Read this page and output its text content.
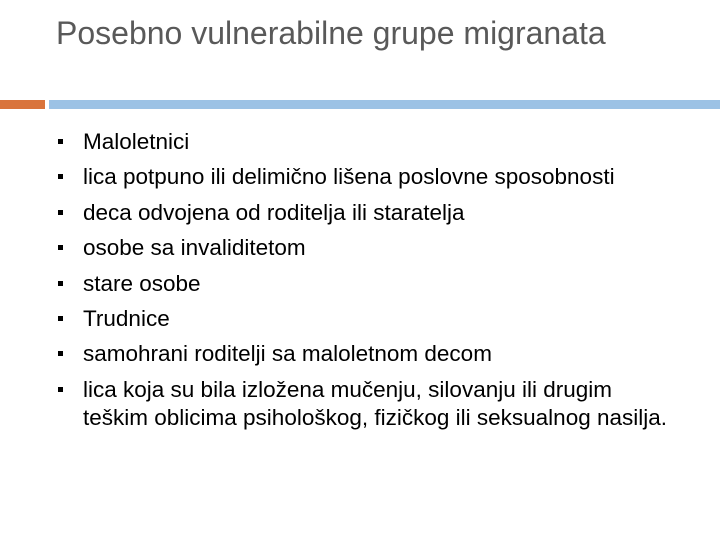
Posebno vulnerabilne grupe migranata
Maloletnici
lica potpuno ili delimično lišena poslovne sposobnosti
deca odvojena od roditelja ili staratelja
osobe sa invaliditetom
stare osobe
Trudnice
samohrani roditelji sa maloletnom decom
lica koja su bila izložena mučenju, silovanju ili drugim teškim oblicima psihološkog, fizičkog ili seksualnog nasilja.
